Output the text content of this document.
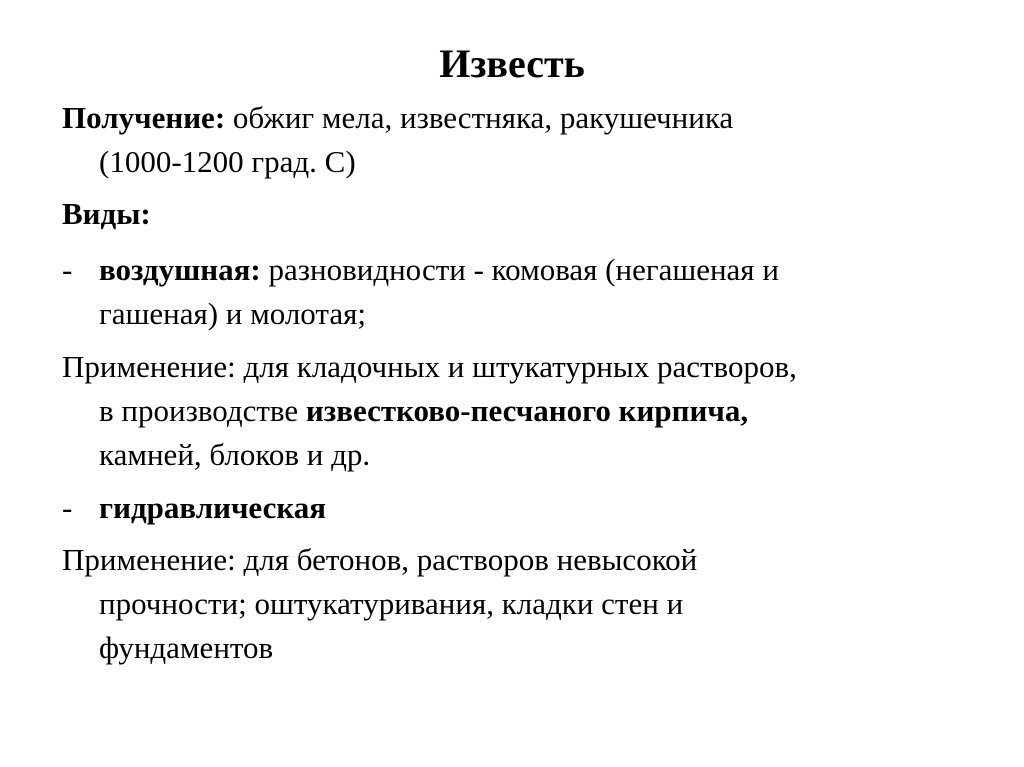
Известь
Получение: обжиг мела, известняка, ракушечника
(1000-1200 град. С)
Виды:
- воздушная: разновидности - комовая (негашеная и
гашеная) и молотая;
Применение: для кладочных и штукатурных растворов,
в производстве известково-песчаного кирпича,
камней, блоков и др.
- гидравлическая
Применение: для бетонов, растворов невысокой
прочности; оштукатуривания, кладки стен и
фундаментов
